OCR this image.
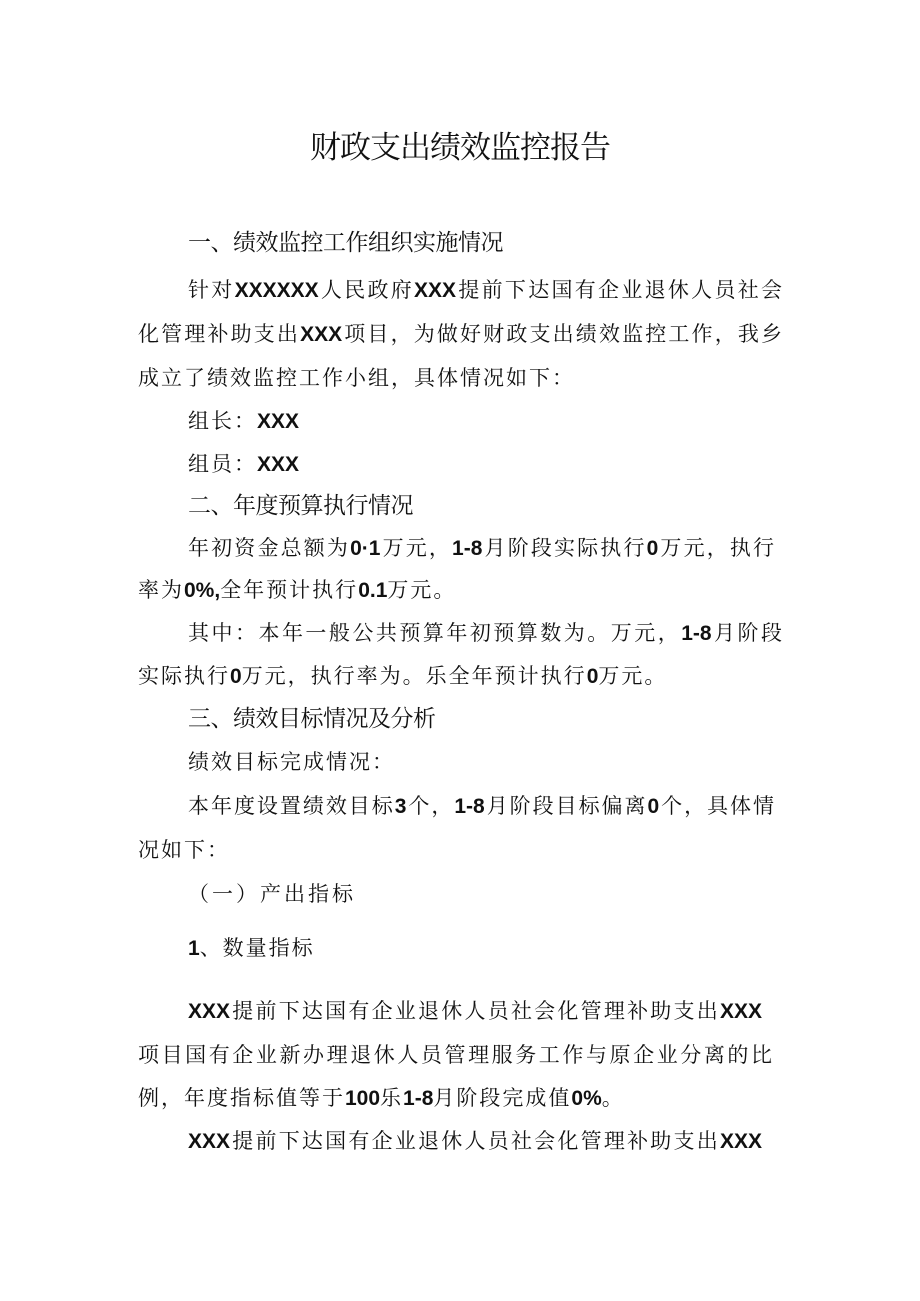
财政支出绩效监控报告
一、绩效监控工作组织实施情况
针对XXXXXX人民政府XXX提前下达国有企业退休人员社会
化管理补助支出XXX项目，为做好财政支出绩效监控工作，我乡
成立了绩效监控工作小组，具体情况如下：
组长：XXX
组员：XXX
二、年度预算执行情况
年初资金总额为0·1万元，1-8月阶段实际执行0万元，执行
率为0%,全年预计执行0.1万元。
其中：本年一般公共预算年初预算数为。万元，1-8月阶段
实际执行0万元，执行率为。乐全年预计执行0万元。
三、绩效目标情况及分析
绩效目标完成情况：
本年度设置绩效目标3个，1-8月阶段目标偏离0个，具体情
况如下：
（一）产出指标
1、数量指标
XXX提前下达国有企业退休人员社会化管理补助支出XXX
项目国有企业新办理退休人员管理服务工作与原企业分离的比
例，年度指标值等于100乐1-8月阶段完成值0%。
XXX提前下达国有企业退休人员社会化管理补助支出XXX
